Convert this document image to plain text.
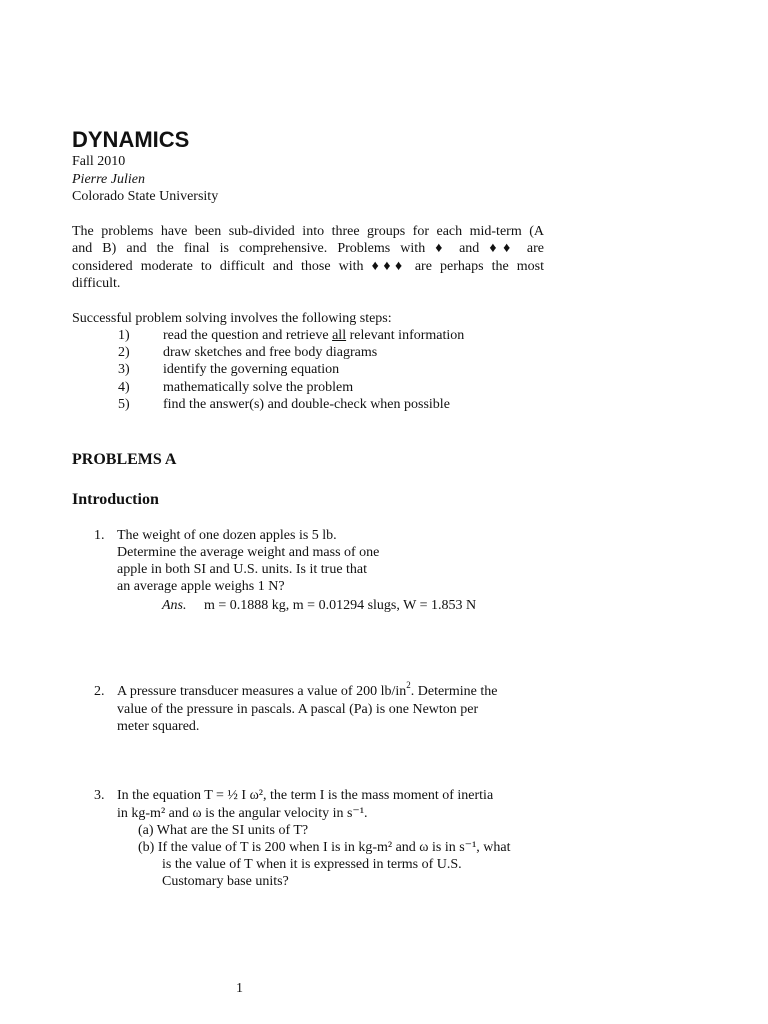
DYNAMICS
Fall 2010
Pierre Julien
Colorado State University
The problems have been sub-divided into three groups for each mid-term (A
and B) and the final is comprehensive. Problems with ♦ and ♦♦ are
considered moderate to difficult and those with ♦♦♦ are perhaps the most
difficult.
Successful problem solving involves the following steps:
1) read the question and retrieve all relevant information
2) draw sketches and free body diagrams
3) identify the governing equation
4) mathematically solve the problem
5) find the answer(s) and double-check when possible
PROBLEMS A
Introduction
1. The weight of one dozen apples is 5 lb.
Determine the average weight and mass of one
apple in both SI and U.S. units. Is it true that
an average apple weighs 1 N?
Ans. m = 0.1888 kg, m = 0.01294 slugs, W = 1.853 N
2. A pressure transducer measures a value of 200 $lb/in^2$. Determine the
value of the pressure in pascals. A pascal (Pa) is one Newton per
meter squared.
3. In the equation T = ½ I ω², the term I is the mass moment of inertia
in kg-m² and ω is the angular velocity in s⁻¹.
(a) What are the SI units of T?
(b) If the value of T is 200 when I is in kg-m² and ω is in s⁻¹, what
is the value of T when it is expressed in terms of U.S.
Customary base units?
1
